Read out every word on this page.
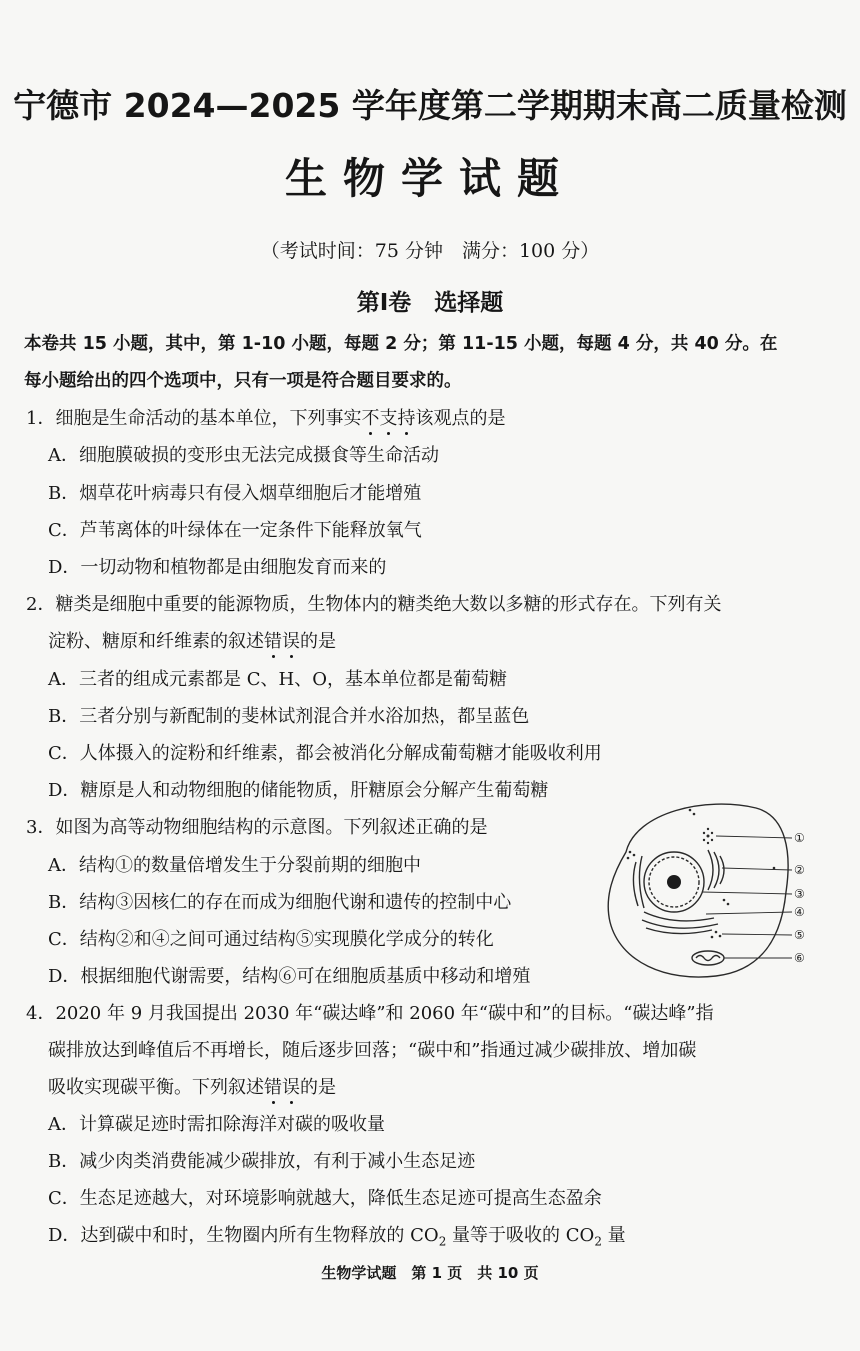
宁德市 2024—2025 学年度第二学期期末高二质量检测
生物学试题
（考试时间：75 分钟　满分：100 分）
第Ⅰ卷　选择题
本卷共 15 小题，其中，第 1-10 小题，每题 2 分；第 11-15 小题，每题 4 分，共 40 分。在
每小题给出的四个选项中，只有一项是符合题目要求的。
1．细胞是生命活动的基本单位，下列事实不支持该观点的是
A．细胞膜破损的变形虫无法完成摄食等生命活动
B．烟草花叶病毒只有侵入烟草细胞后才能增殖
C．芦苇离体的叶绿体在一定条件下能释放氧气
D．一切动物和植物都是由细胞发育而来的
2．糖类是细胞中重要的能源物质，生物体内的糖类绝大数以多糖的形式存在。下列有关
淀粉、糖原和纤维素的叙述错误的是
A．三者的组成元素都是 C、H、O，基本单位都是葡萄糖
B．三者分别与新配制的斐林试剂混合并水浴加热，都呈蓝色
C．人体摄入的淀粉和纤维素，都会被消化分解成葡萄糖才能吸收利用
D．糖原是人和动物细胞的储能物质，肝糖原会分解产生葡萄糖
3．如图为高等动物细胞结构的示意图。下列叙述正确的是
A．结构①的数量倍增发生于分裂前期的细胞中
B．结构③因核仁的存在而成为细胞代谢和遗传的控制中心
C．结构②和④之间可通过结构⑤实现膜化学成分的转化
D．根据细胞代谢需要，结构⑥可在细胞质基质中移动和增殖
①
②
③
④
⑤
⑥
4．2020 年 9 月我国提出 2030 年“碳达峰”和 2060 年“碳中和”的目标。“碳达峰”指
碳排放达到峰值后不再增长，随后逐步回落；“碳中和”指通过减少碳排放、增加碳
吸收实现碳平衡。下列叙述错误的是
A．计算碳足迹时需扣除海洋对碳的吸收量
B．减少肉类消费能减少碳排放，有利于减小生态足迹
C．生态足迹越大，对环境影响就越大，降低生态足迹可提高生态盈余
D．达到碳中和时，生物圈内所有生物释放的 $CO_2$ 量等于吸收的 $CO_2$ 量
生物学试题　第 1 页　共 10 页
